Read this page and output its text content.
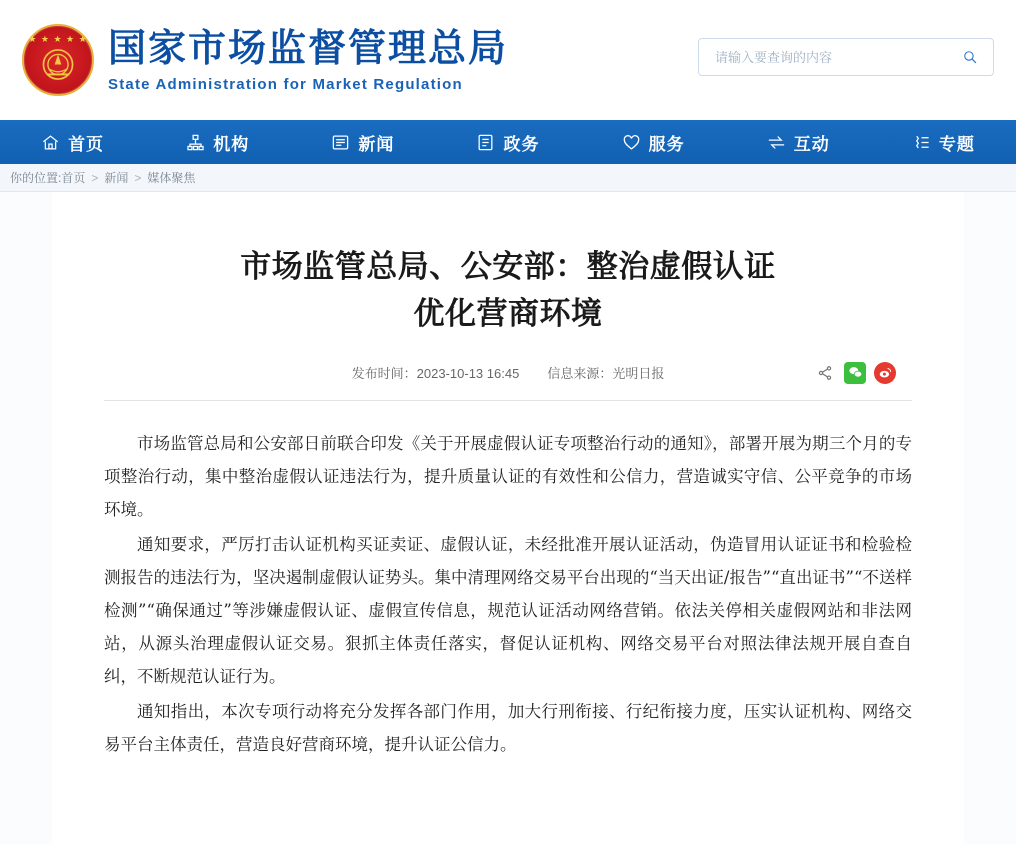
★ ★ ★ ★ ★ 国家市场监督管理总局
State Administration for Market Regulation
请输入要查询的内容
首页	机构	新闻	政务	服务	互动	专题
你的位置: 首页 > 新闻 > 媒体聚焦
市场监管总局、公安部：整治虚假认证
优化营商环境
发布时间：2023-10-13 16:45 信息来源：光明日报

市场监管总局和公安部日前联合印发《关于开展虚假认证专项整治行动的通知》，部署开展为期三个月的专项整治行动，集中整治虚假认证违法行为，提升质量认证的有效性和公信力，营造诚实守信、公平竞争的市场环境。

通知要求，严厉打击认证机构买证卖证、虚假认证，未经批准开展认证活动，伪造冒用认证证书和检验检测报告的违法行为，坚决遏制虚假认证势头。集中清理网络交易平台出现的“当天出证/报告”“直出证书”“不送样检测”“确保通过”等涉嫌虚假认证、虚假宣传信息，规范认证活动网络营销。依法关停相关虚假网站和非法网站，从源头治理虚假认证交易。狠抓主体责任落实，督促认证机构、网络交易平台对照法律法规开展自查自纠，不断规范认证行为。

通知指出，本次专项行动将充分发挥各部门作用，加大行刑衔接、行纪衔接力度，压实认证机构、网络交易平台主体责任，营造良好营商环境，提升认证公信力。
